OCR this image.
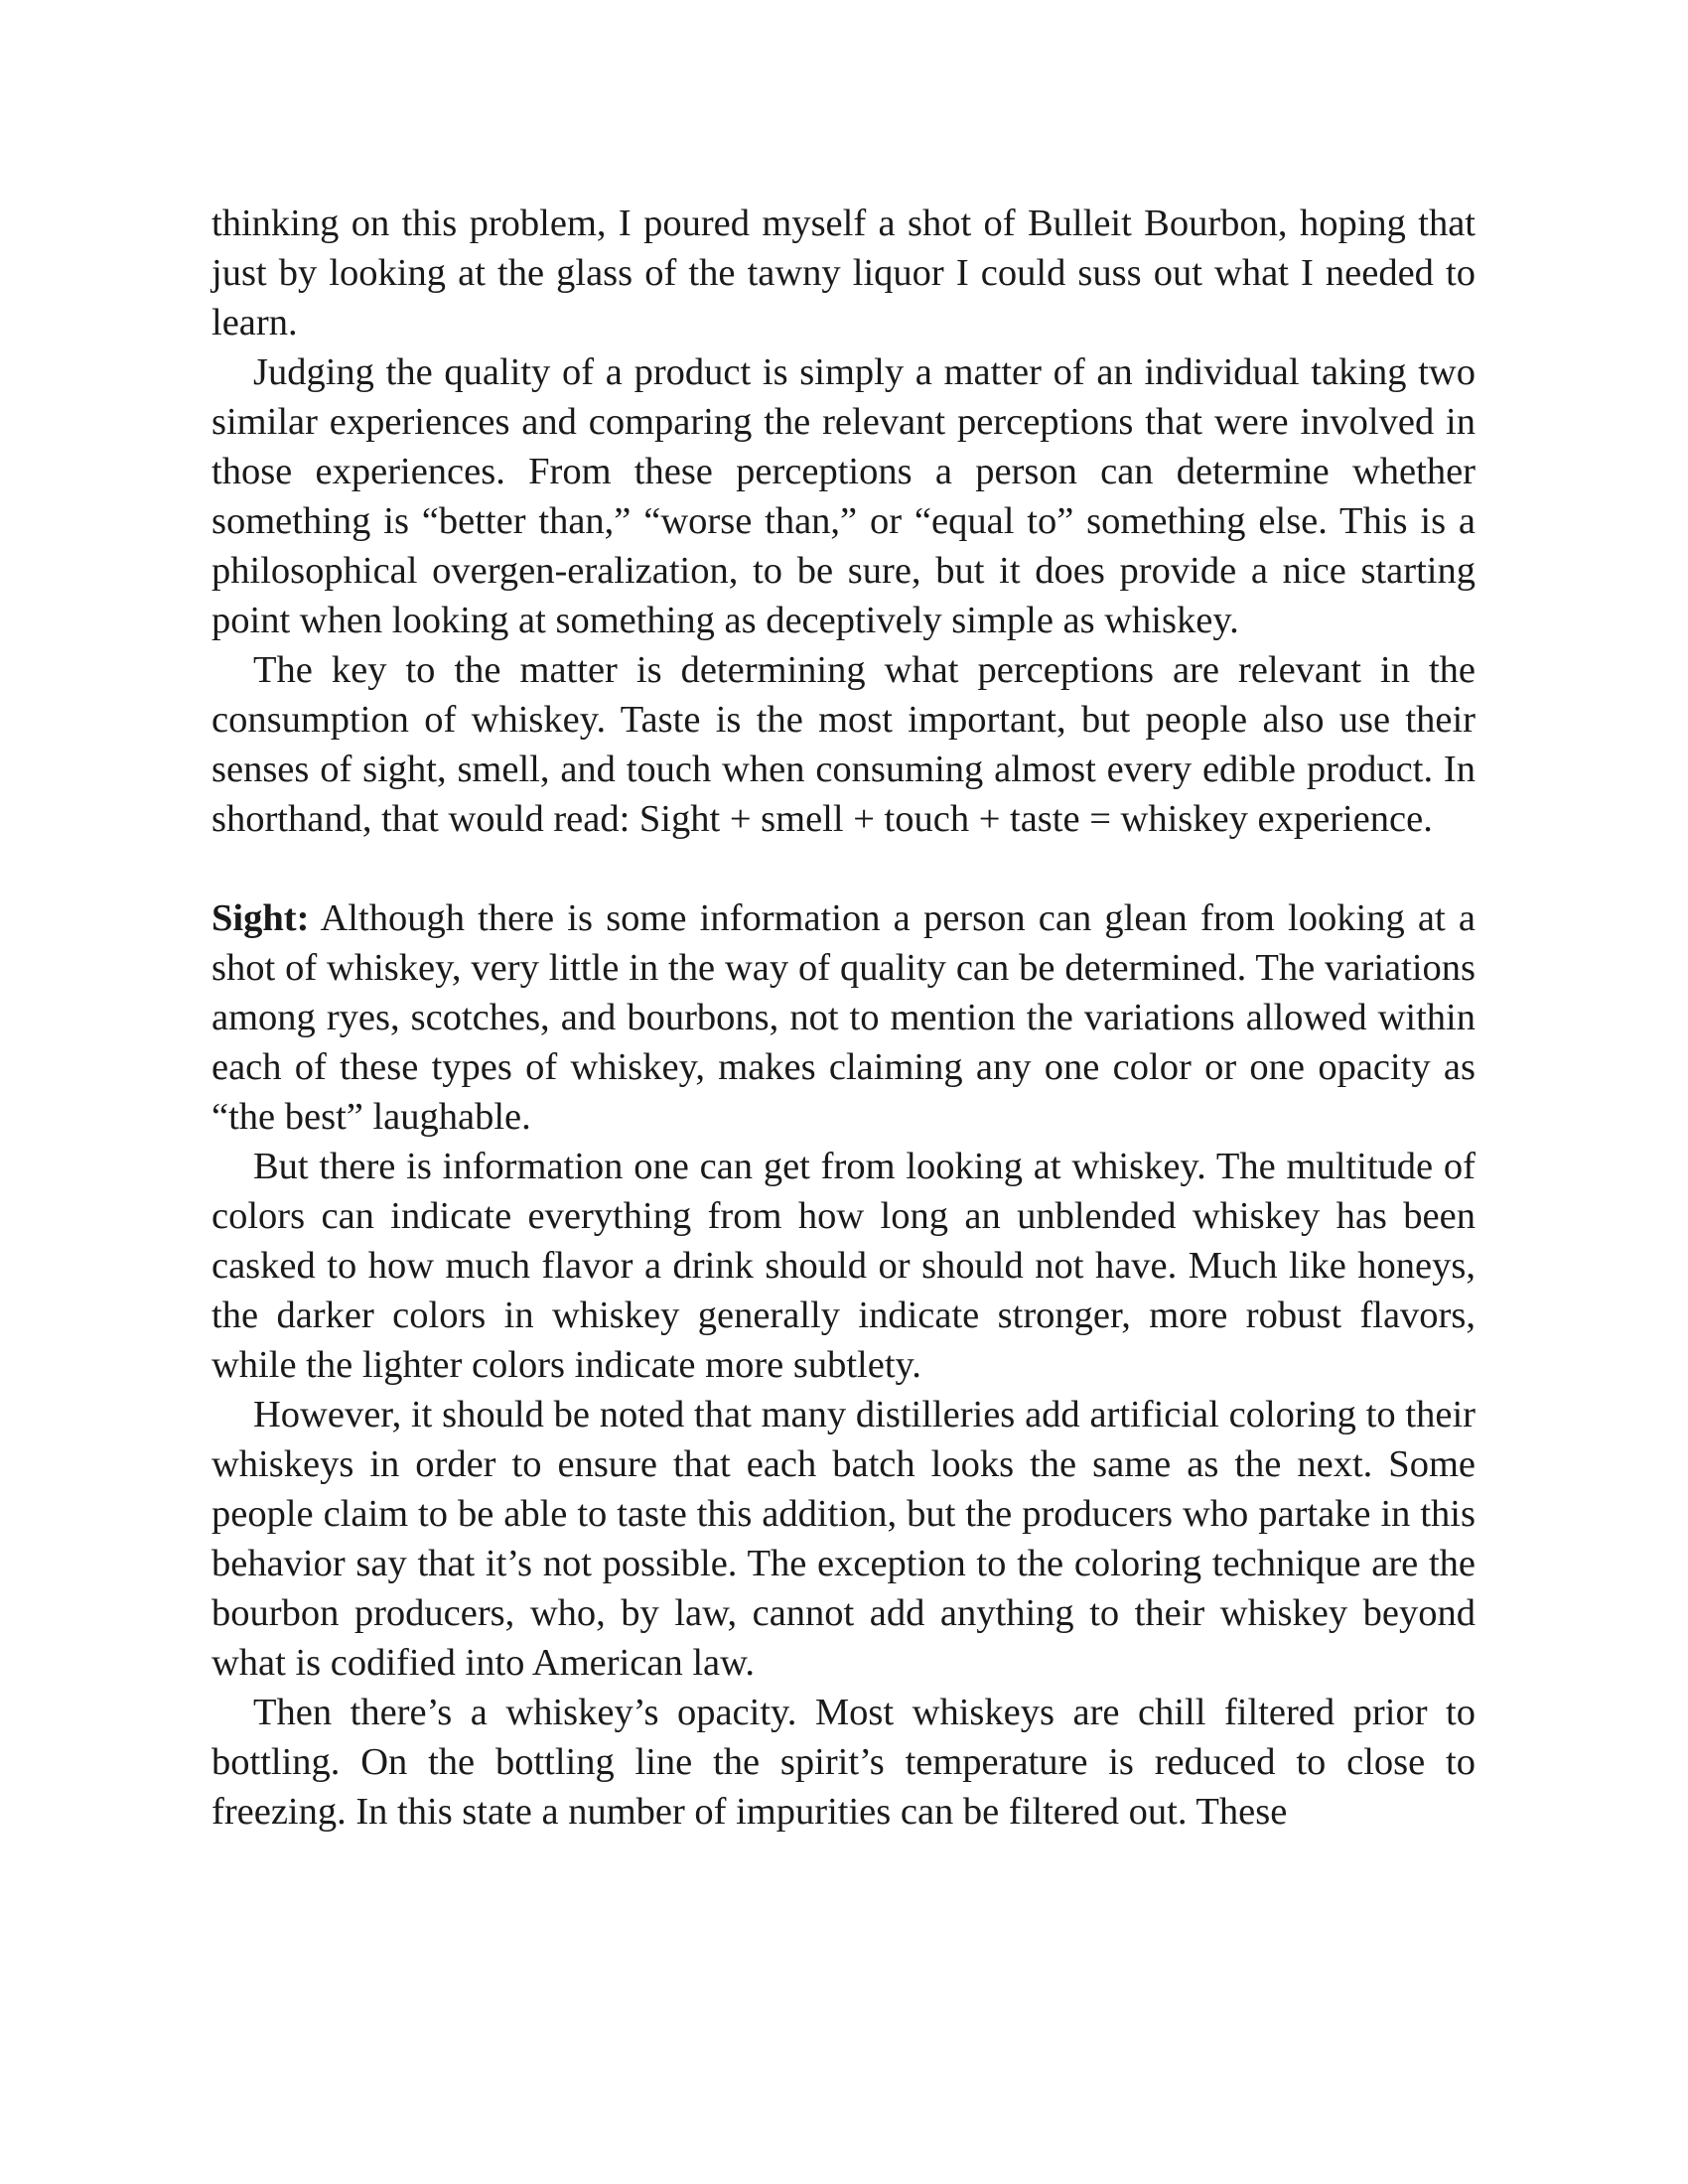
thinking on this problem, I poured myself a shot of Bulleit Bourbon, hoping that just by looking at the glass of the tawny liquor I could suss out what I needed to learn.

Judging the quality of a product is simply a matter of an individual taking two similar experiences and comparing the relevant perceptions that were involved in those experiences. From these perceptions a person can determine whether something is “better than,” “worse than,” or “equal to” something else. This is a philosophical overgen-eralization, to be sure, but it does provide a nice starting point when looking at something as deceptively simple as whiskey.

The key to the matter is determining what perceptions are relevant in the consumption of whiskey. Taste is the most important, but people also use their senses of sight, smell, and touch when consuming almost every edible product. In shorthand, that would read: Sight + smell + touch + taste = whiskey experience.

Sight: Although there is some information a person can glean from looking at a shot of whiskey, very little in the way of quality can be determined. The variations among ryes, scotches, and bourbons, not to mention the variations allowed within each of these types of whiskey, makes claiming any one color or one opacity as “the best” laughable.

But there is information one can get from looking at whiskey. The multitude of colors can indicate everything from how long an unblended whiskey has been casked to how much flavor a drink should or should not have. Much like honeys, the darker colors in whiskey generally indicate stronger, more robust flavors, while the lighter colors indicate more subtlety.

However, it should be noted that many distilleries add artificial coloring to their whiskeys in order to ensure that each batch looks the same as the next. Some people claim to be able to taste this addition, but the producers who partake in this behavior say that it’s not possible. The exception to the coloring technique are the bourbon producers, who, by law, cannot add anything to their whiskey beyond what is codified into American law.

Then there’s a whiskey’s opacity. Most whiskeys are chill filtered prior to bottling. On the bottling line the spirit’s temperature is reduced to close to freezing. In this state a number of impurities can be filtered out. These
